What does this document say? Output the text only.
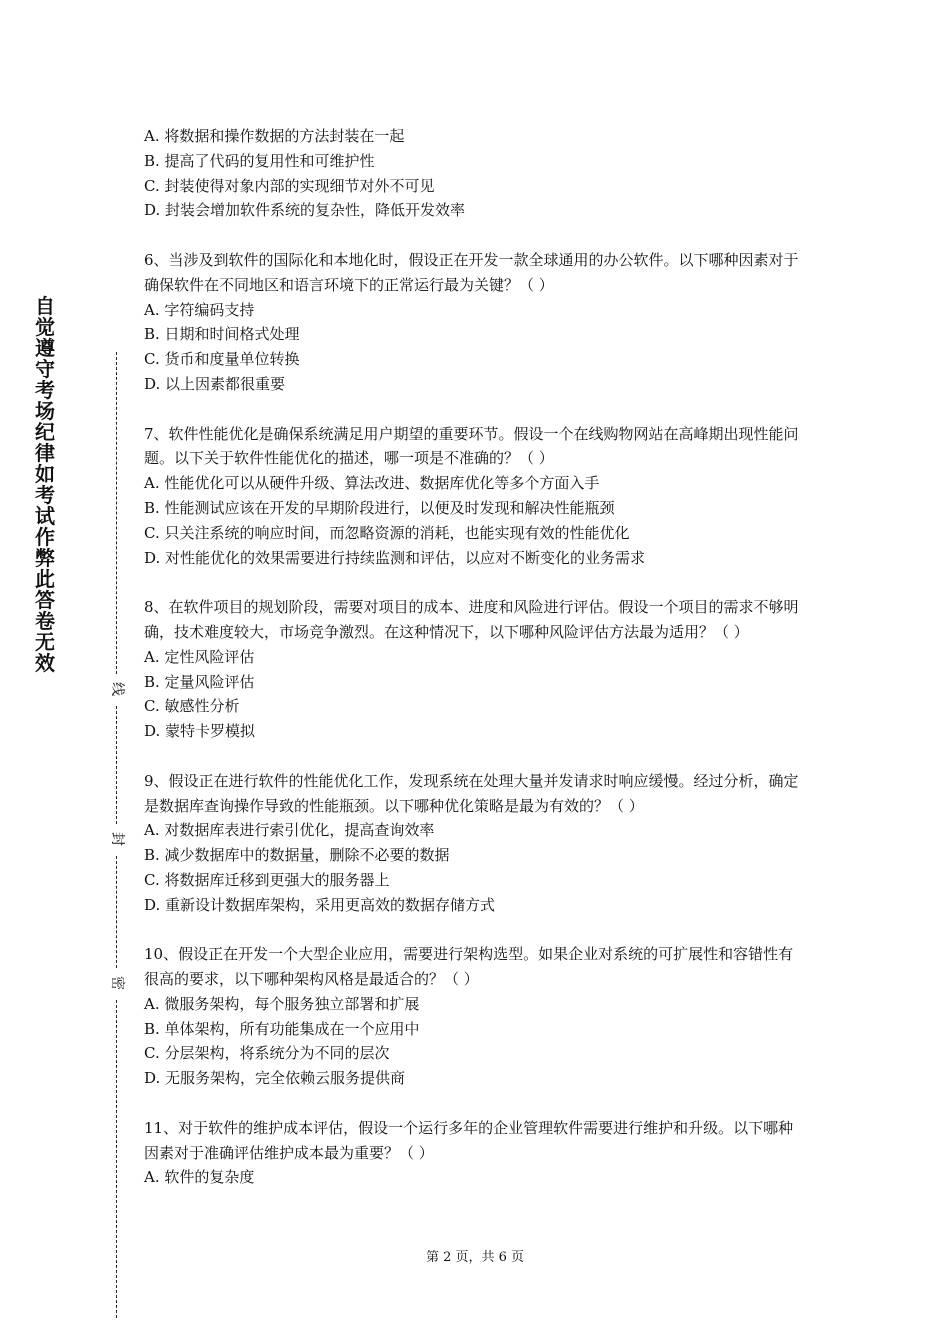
自觉遵守考场纪律如考试作弊此答卷无效
线
封
密

A. 将数据和操作数据的方法封装在一起

B. 提高了代码的复用性和可维护性

C. 封装使得对象内部的实现细节对外不可见

D. 封装会增加软件系统的复杂性，降低开发效率

6、当涉及到软件的国际化和本地化时，假设正在开发一款全球通用的办公软件。以下哪种因素对于确保软件在不同地区和语言环境下的正常运行最为关键？（ ）

A. 字符编码支持

B. 日期和时间格式处理

C. 货币和度量单位转换

D. 以上因素都很重要

7、软件性能优化是确保系统满足用户期望的重要环节。假设一个在线购物网站在高峰期出现性能问题。以下关于软件性能优化的描述，哪一项是不准确的？（ ）

A. 性能优化可以从硬件升级、算法改进、数据库优化等多个方面入手

B. 性能测试应该在开发的早期阶段进行，以便及时发现和解决性能瓶颈

C. 只关注系统的响应时间，而忽略资源的消耗，也能实现有效的性能优化

D. 对性能优化的效果需要进行持续监测和评估，以应对不断变化的业务需求

8、在软件项目的规划阶段，需要对项目的成本、进度和风险进行评估。假设一个项目的需求不够明确，技术难度较大，市场竞争激烈。在这种情况下，以下哪种风险评估方法最为适用？（ ）

A. 定性风险评估

B. 定量风险评估

C. 敏感性分析

D. 蒙特卡罗模拟

9、假设正在进行软件的性能优化工作，发现系统在处理大量并发请求时响应缓慢。经过分析，确定是数据库查询操作导致的性能瓶颈。以下哪种优化策略是最为有效的？（ ）

A. 对数据库表进行索引优化，提高查询效率

B. 减少数据库中的数据量，删除不必要的数据

C. 将数据库迁移到更强大的服务器上

D. 重新设计数据库架构，采用更高效的数据存储方式

10、假设正在开发一个大型企业应用，需要进行架构选型。如果企业对系统的可扩展性和容错性有很高的要求，以下哪种架构风格是最适合的？（ ）

A. 微服务架构，每个服务独立部署和扩展

B. 单体架构，所有功能集成在一个应用中

C. 分层架构，将系统分为不同的层次

D. 无服务架构，完全依赖云服务提供商

11、对于软件的维护成本评估，假设一个运行多年的企业管理软件需要进行维护和升级。以下哪种因素对于准确评估维护成本最为重要？（ ）

A. 软件的复杂度

第 2 页，共 6 页
